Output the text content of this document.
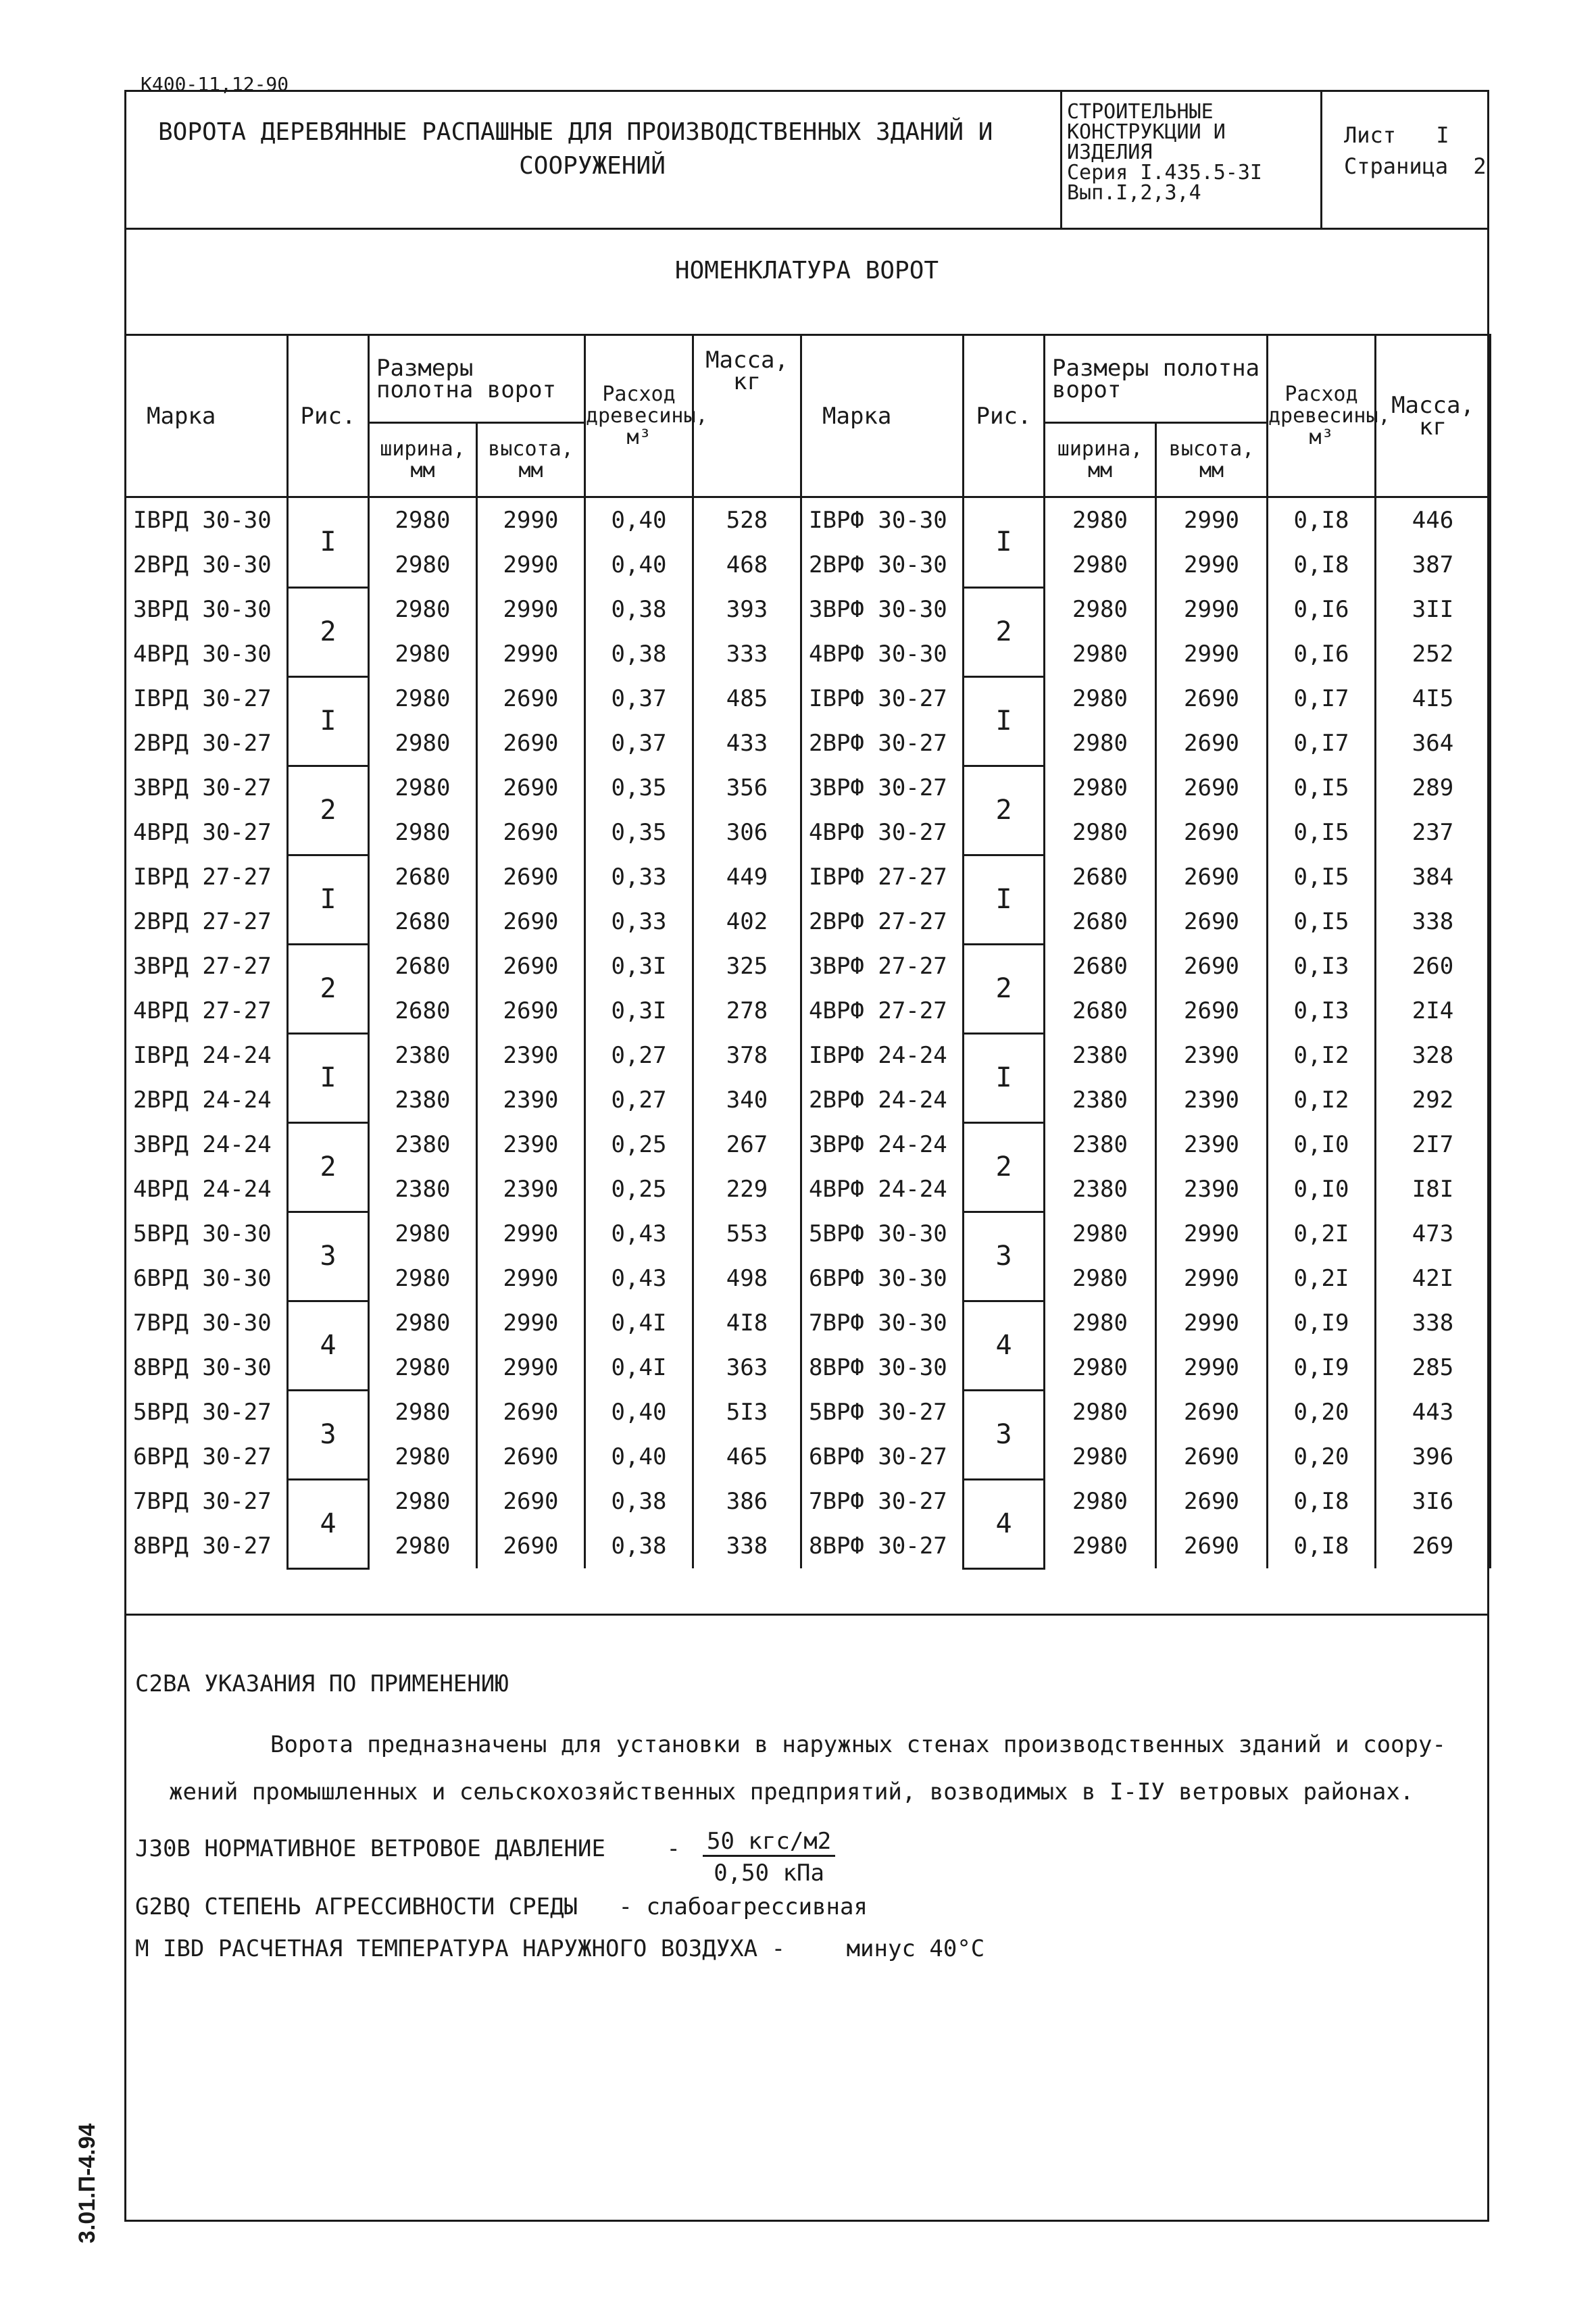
К400-11,12-90
3.01.П-4.94
ВОРОТА ДЕРЕВЯННЫЕ РАСПАШНЫЕ ДЛЯ ПРОИЗВОДСТВЕННЫХ ЗДАНИЙ И
СООРУЖЕНИЙ
СТРОИТЕЛЬНЫЕ
КОНСТРУКЦИИ И
ИЗДЕЛИЯ
Серия I.435.5-3I
Вып.I,2,3,4
Лист I
Страница 2
НОМЕНКЛАТУРА ВОРОТ
Марка	Рис.	Размеры полотна ворот		Расход древесины, м³	Масса, кг	Марка	Рис.	Размеры полотна ворот		Расход древесины, м³	Масса, кг
		ширина, мм	высота, мм					ширина, мм	высота, мм		
IВРД 30-30	I	2980	2990	0,40	528	IВРФ 30-30	I	2980	2990	0,I8	446
2ВРД 30-30		2980	2990	0,40	468	2ВРФ 30-30		2980	2990	0,I8	387
3ВРД 30-30	2	2980	2990	0,38	393	3ВРФ 30-30	2	2980	2990	0,I6	3II
4ВРД 30-30		2980	2990	0,38	333	4ВРФ 30-30		2980	2990	0,I6	252
IВРД 30-27	I	2980	2690	0,37	485	IВРФ 30-27	I	2980	2690	0,I7	4I5
2ВРД 30-27		2980	2690	0,37	433	2ВРФ 30-27		2980	2690	0,I7	364
3ВРД 30-27	2	2980	2690	0,35	356	3ВРФ 30-27	2	2980	2690	0,I5	289
4ВРД 30-27		2980	2690	0,35	306	4ВРФ 30-27		2980	2690	0,I5	237
IВРД 27-27	I	2680	2690	0,33	449	IВРФ 27-27	I	2680	2690	0,I5	384
2ВРД 27-27		2680	2690	0,33	402	2ВРФ 27-27		2680	2690	0,I5	338
3ВРД 27-27	2	2680	2690	0,3I	325	3ВРФ 27-27	2	2680	2690	0,I3	260
4ВРД 27-27		2680	2690	0,3I	278	4ВРФ 27-27		2680	2690	0,I3	2I4
IВРД 24-24	I	2380	2390	0,27	378	IВРФ 24-24	I	2380	2390	0,I2	328
2ВРД 24-24		2380	2390	0,27	340	2ВРФ 24-24		2380	2390	0,I2	292
3ВРД 24-24	2	2380	2390	0,25	267	3ВРФ 24-24	2	2380	2390	0,I0	2I7
4ВРД 24-24		2380	2390	0,25	229	4ВРФ 24-24		2380	2390	0,I0	I8I
5ВРД 30-30	3	2980	2990	0,43	553	5ВРФ 30-30	3	2980	2990	0,2I	473
6ВРД 30-30		2980	2990	0,43	498	6ВРФ 30-30		2980	2990	0,2I	42I
7ВРД 30-30	4	2980	2990	0,4I	4I8	7ВРФ 30-30	4	2980	2990	0,I9	338
8ВРД 30-30		2980	2990	0,4I	363	8ВРФ 30-30		2980	2990	0,I9	285
5ВРД 30-27	3	2980	2690	0,40	5I3	5ВРФ 30-27	3	2980	2690	0,20	443
6ВРД 30-27		2980	2690	0,40	465	6ВРФ 30-27		2980	2690	0,20	396
7ВРД 30-27	4	2980	2690	0,38	386	7ВРФ 30-27	4	2980	2690	0,I8	3I6
8ВРД 30-27		2980	2690	0,38	338	8ВРФ 30-27		2980	2690	0,I8	269
С2ВА УКАЗАНИЯ ПО ПРИМЕНЕНИЮ
Ворота предназначены для установки в наружных стенах производственных зданий и соору-
жений промышленных и сельскохозяйственных предприятий, возводимых в I-IУ ветровых районах.
J30В НОРМАТИВНОЕ ВЕТРОВОЕ ДАВЛЕНИЕ	-
G2BQ СТЕПЕНЬ АГРЕССИВНОСТИ СРЕДЫ - слабоагрессивная
M IBD РАСЧЕТНАЯ ТЕМПЕРАТУРА НАРУЖНОГО ВОЗДУХА -	минус 40°С
50 кгс/м2
0,50 кПа
